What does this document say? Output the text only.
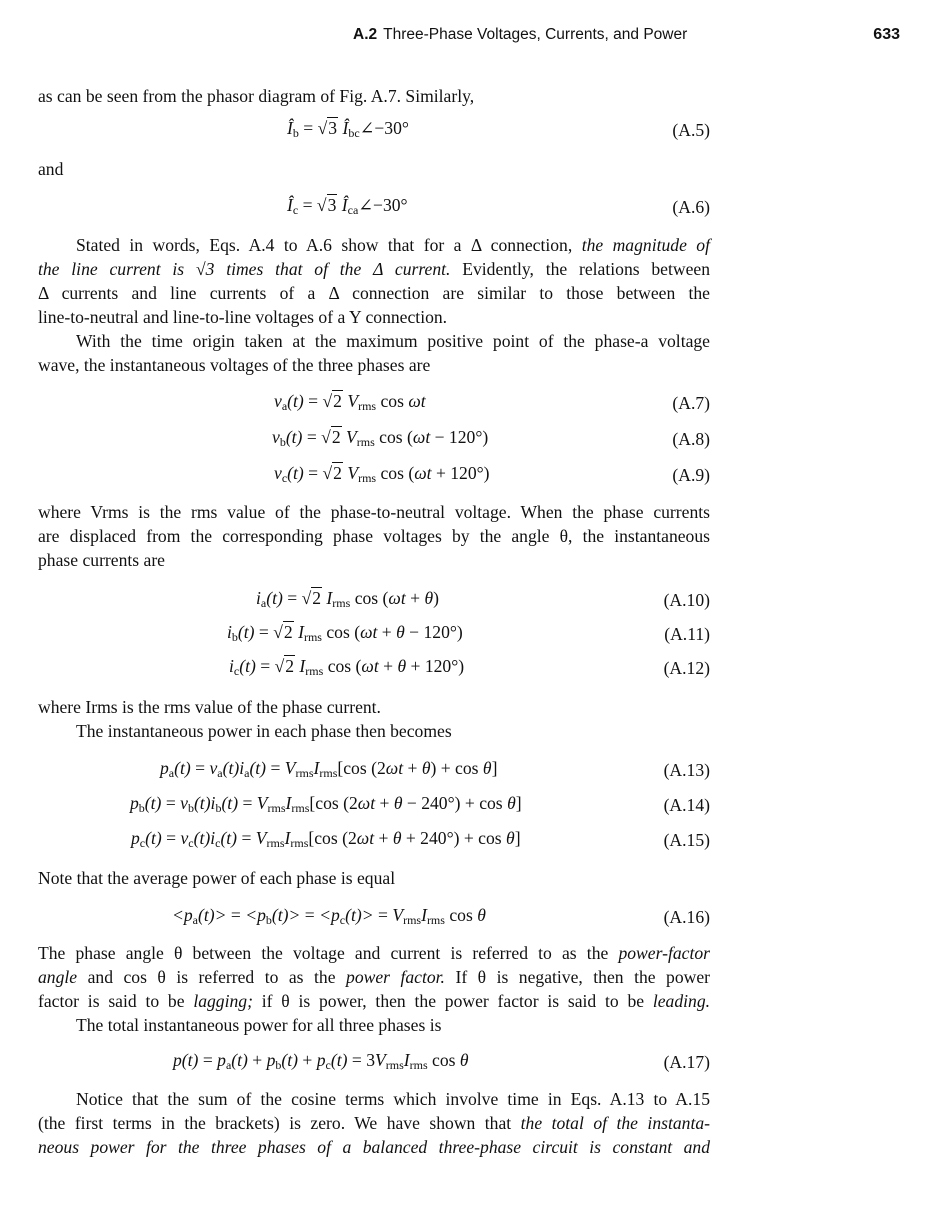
A.2 Three-Phase Voltages, Currents, and Power	633
as can be seen from the phasor diagram of Fig. A.7. Similarly,
$Î_b = √3$ $Î_{bc}\angle-30^\circ$	(A.5)
and
$Î_c = √3$ $Î_{ca}\angle-30^\circ$	(A.6)
Stated in words, Eqs. A.4 to A.6 show that for a Δ connection, the magnitude of
the line current is √3 times that of the Δ current. Evidently, the relations between
Δ currents and line currents of a Δ connection are similar to those between the
line-to-neutral and line-to-line voltages of a Y connection.
With the time origin taken at the maximum positive point of the phase-a voltage
wave, the instantaneous voltages of the three phases are
$v_a(t) = √2$ $V_{rms}$ cos ωt	(A.7)
$v_b(t) = √2$ $V_{rms}$ cos (ωt − 120°)	(A.8)
$v_c(t) = √2$ $V_{rms}$ cos (ωt + 120°)	(A.9)
where Vrms is the rms value of the phase-to-neutral voltage. When the phase currents
are displaced from the corresponding phase voltages by the angle θ, the instantaneous
phase currents are
$i_a(t) = √2$ $I_{rms}$ cos (ωt + θ)	(A.10)
$i_b(t) = √2$ $I_{rms}$ cos (ωt + θ − 120°)	(A.11)
$i_c(t) = √2$ $I_{rms}$ cos (ωt + θ + 120°)	(A.12)
where Irms is the rms value of the phase current.
The instantaneous power in each phase then becomes
$p_a(t) = v_a(t)i_a(t) = V_{rms}I_{rms}[\cos$ (2ωt + θ) + cos θ]	(A.13)
$p_b(t) = v_b(t)i_b(t) = V_{rms}I_{rms}[\cos$ (2ωt + θ − 240°) + cos θ]	(A.14)
$p_c(t) = v_c(t)i_c(t) = V_{rms}I_{rms}[\cos$ (2ωt + θ + 240°) + cos θ]	(A.15)
Note that the average power of each phase is equal
$<p_a(t)> = <p_b(t)> = <p_c(t)> = V_{rms}I_{rms}$ cos θ	(A.16)
The phase angle θ between the voltage and current is referred to as the power-factor
angle and cos θ is referred to as the power factor. If θ is negative, then the power
factor is said to be lagging; if θ is power, then the power factor is said to be leading.
The total instantaneous power for all three phases is
$p(t) = p_a(t) + p_b(t) + p_c(t) = 3V_{rms}I_{rms}$ cos θ	(A.17)
Notice that the sum of the cosine terms which involve time in Eqs. A.13 to A.15
(the first terms in the brackets) is zero. We have shown that the total of the instanta-
neous power for the three phases of a balanced three-phase circuit is constant and
